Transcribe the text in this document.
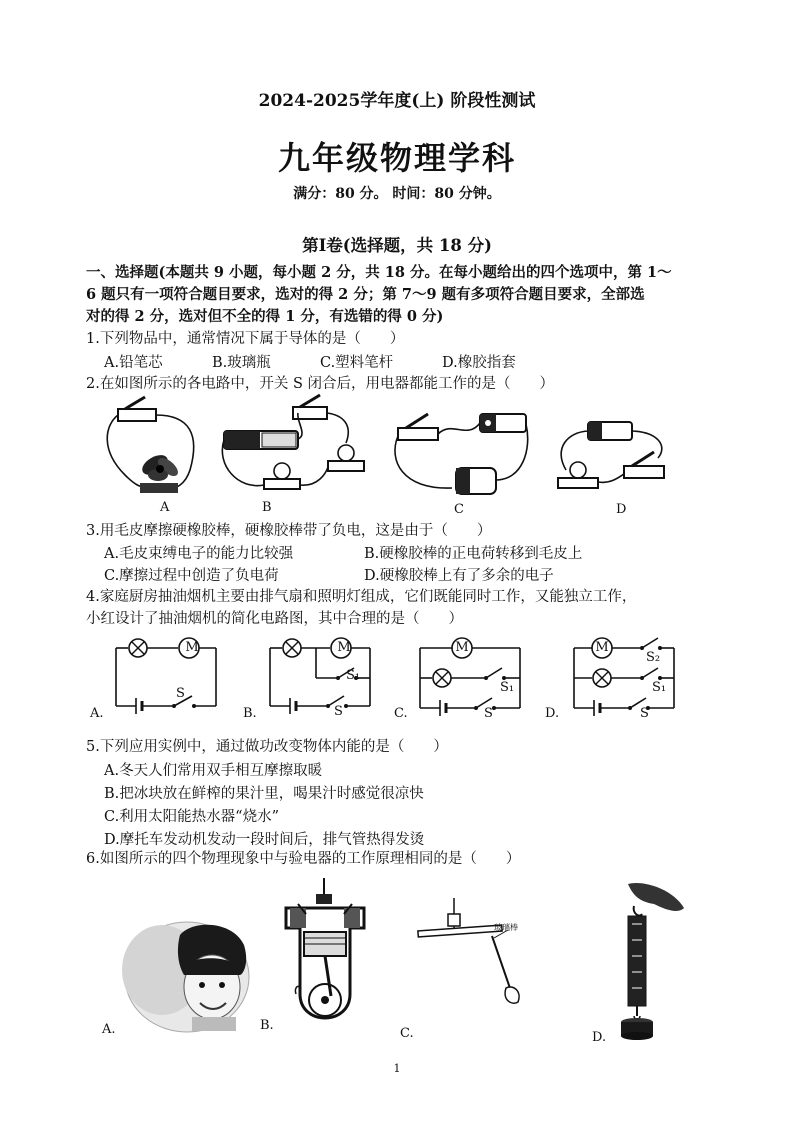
2024-2025学年度(上) 阶段性测试
九年级物理学科
满分：80 分。 时间：80 分钟。
第Ⅰ卷(选择题，共 18 分)
一、选择题(本题共 9 小题，每小题 2 分，共 18 分。在每小题给出的四个选项中，第 1～
6 题只有一项符合题目要求，选对的得 2 分；第 7～9 题有多项符合题目要求，全部选
对的得 2 分，选对但不全的得 1 分，有选错的得 0 分)
1.下列物品中，通常情况下属于导体的是（　　）
A.铅笔芯	B.玻璃瓶	C.塑料笔杆	D.橡胶指套
2.在如图所示的各电路中，开关 S 闭合后，用电器都能工作的是（　　）
A	B	C	D
3.用毛皮摩擦硬橡胶棒，硬橡胶棒带了负电，这是由于（　　）
A.毛皮束缚电子的能力比较强	B.硬橡胶棒的正电荷转移到毛皮上
C.摩擦过程中创造了负电荷	D.硬橡胶棒上有了多余的电子
4.家庭厨房抽油烟机主要由排气扇和照明灯组成，它们既能同时工作，又能独立工作，
小红设计了抽油烟机的简化电路图，其中合理的是（　　）
A.
M
S
B.
M
S₁
S	C.
M
S₁
S	D.
M
S₂
S₁
S
5.下列应用实例中，通过做功改变物体内能的是（　　）
A.冬天人们常用双手相互摩擦取暖
B.把冰块放在鲜榨的果汁里，喝果汁时感觉很凉快
C.利用太阳能热水器“烧水”
D.摩托车发动机发动一段时间后，排气管热得发烫
6.如图所示的四个物理现象中与验电器的工作原理相同的是（　　）
A.	B.
玻璃棒
C.	D.
1
